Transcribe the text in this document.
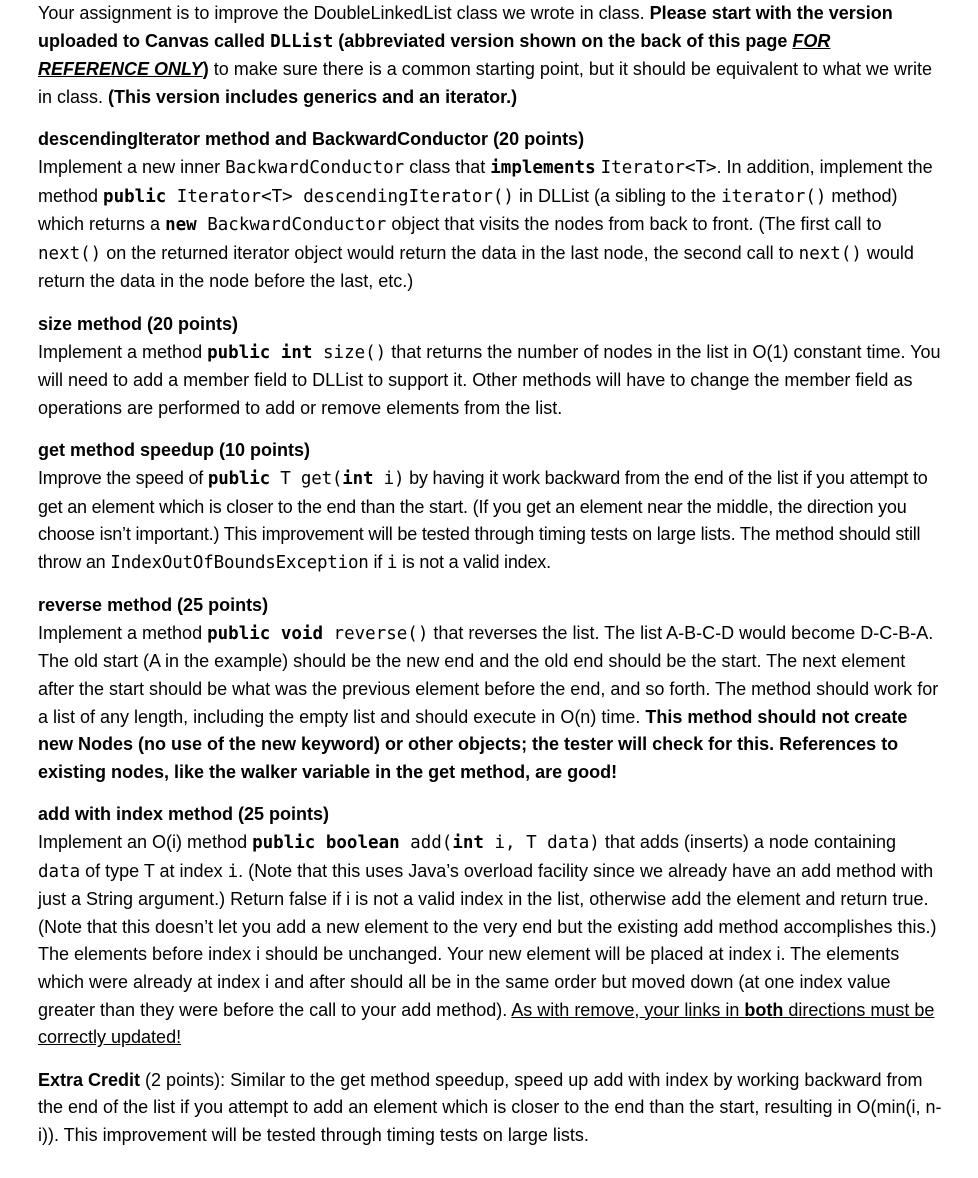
Your assignment is to improve the DoubleLinkedList class we wrote in class. Please start with the version uploaded to Canvas called DLList (abbreviated version shown on the back of this page FOR REFERENCE ONLY) to make sure there is a common starting point, but it should be equivalent to what we write in class. (This version includes generics and an iterator.)

descendingIterator method and BackwardConductor (20 points)

Implement a new inner BackwardConductor class that implements Iterator<T>. In addition, implement the method public Iterator<T> descendingIterator() in DLList (a sibling to the iterator() method) which returns a new BackwardConductor object that visits the nodes from back to front. (The first call to next() on the returned iterator object would return the data in the last node, the second call to next() would return the data in the node before the last, etc.)

size method (20 points)

Implement a method public int size() that returns the number of nodes in the list in O(1) constant time. You will need to add a member field to DLList to support it. Other methods will have to change the member field as operations are performed to add or remove elements from the list.

get method speedup (10 points)

Improve the speed of public T get(int i) by having it work backward from the end of the list if you attempt to get an element which is closer to the end than the start. (If you get an element near the middle, the direction you choose isn’t important.) This improvement will be tested through timing tests on large lists. The method should still throw an IndexOutOfBoundsException if i is not a valid index.

reverse method (25 points)

Implement a method public void reverse() that reverses the list. The list A-B-C-D would become D-C-B-A. The old start (A in the example) should be the new end and the old end should be the start. The next element after the start should be what was the previous element before the end, and so forth. The method should work for a list of any length, including the empty list and should execute in O(n) time. This method should not create new Nodes (no use of the new keyword) or other objects; the tester will check for this. References to existing nodes, like the walker variable in the get method, are good!

add with index method (25 points)

Implement an O(i) method public boolean add(int i, T data) that adds (inserts) a node containing data of type T at index i. (Note that this uses Java’s overload facility since we already have an add method with just a String argument.) Return false if i is not a valid index in the list, otherwise add the element and return true. (Note that this doesn’t let you add a new element to the very end but the existing add method accomplishes this.) The elements before index i should be unchanged. Your new element will be placed at index i. The elements which were already at index i and after should all be in the same order but moved down (at one index value greater than they were before the call to your add method). As with remove, your links in both directions must be correctly updated!

Extra Credit (2 points): Similar to the get method speedup, speed up add with index by working backward from the end of the list if you attempt to add an element which is closer to the end than the start, resulting in O(min(i, n-i)). This improvement will be tested through timing tests on large lists.
